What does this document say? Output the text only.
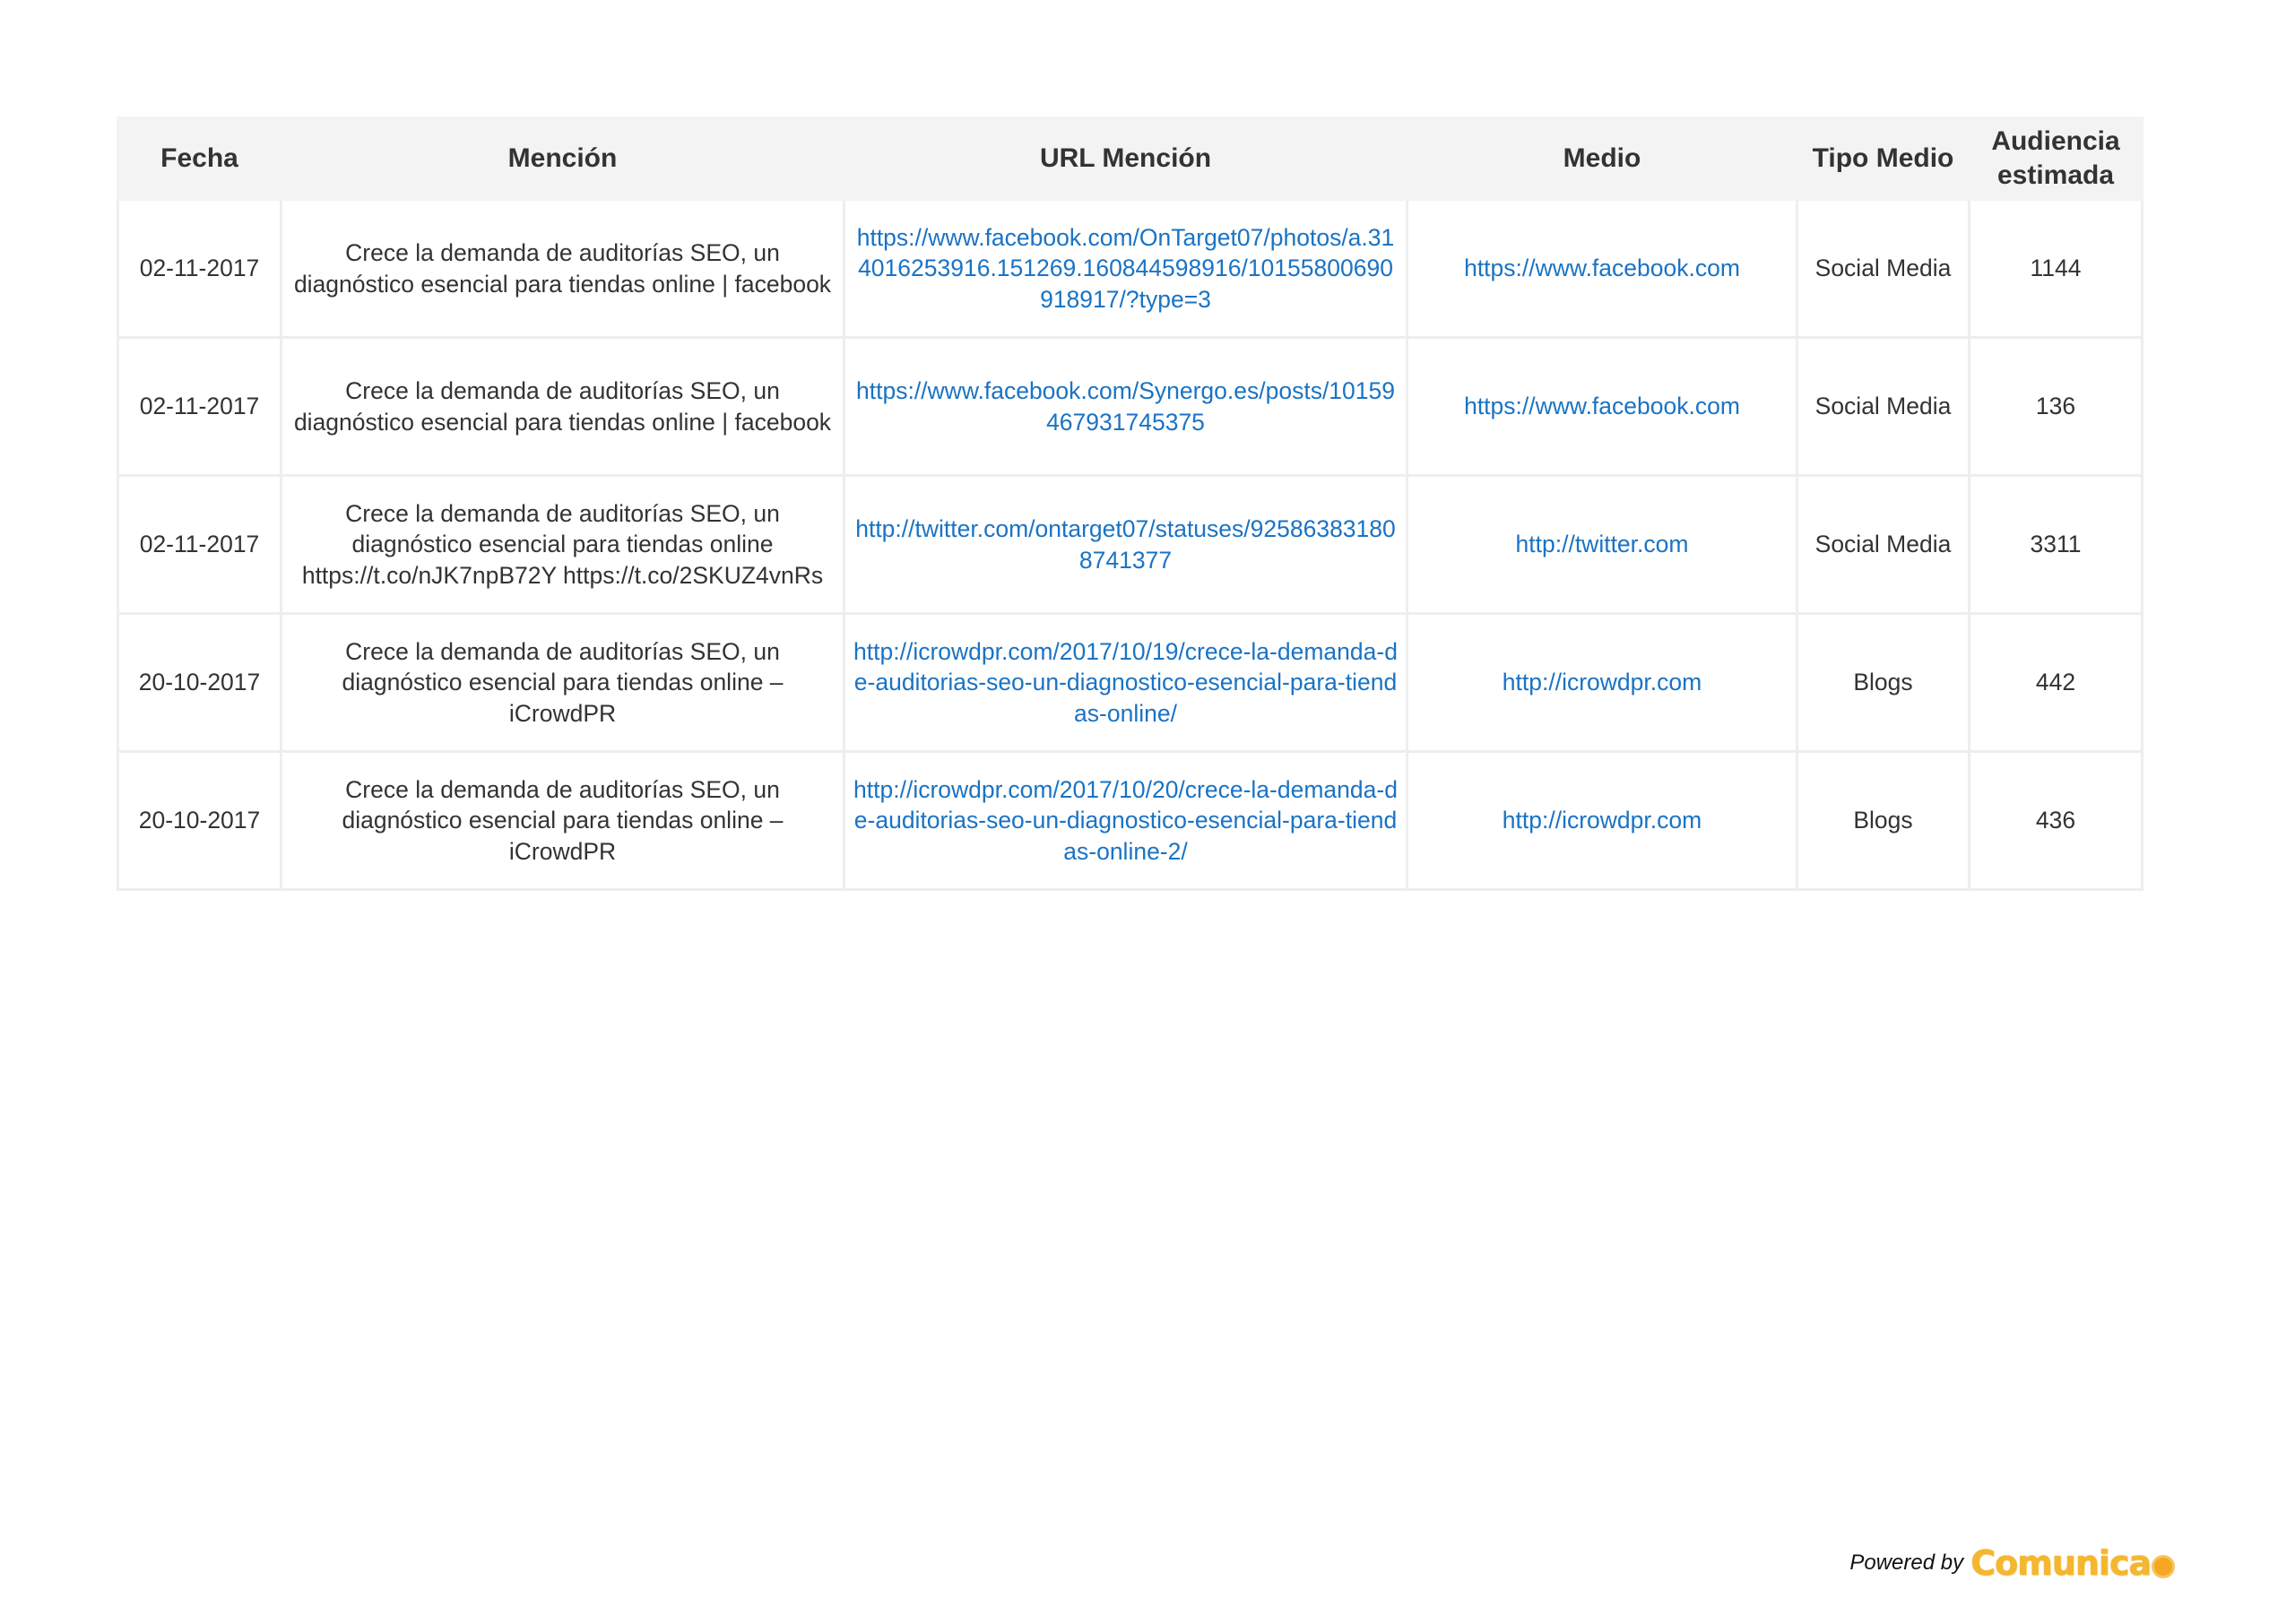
Fecha	Mención	URL Mención	Medio	Tipo Medio	Audiencia estimada
02-11-2017	Crece la demanda de auditorías SEO, un diagnóstico esencial para tiendas online | facebook	https://www.facebook.com/OnTarget07/photos/a.314016253916.151269.160844598916/10155800690918917/?type=3	https://www.facebook.com	Social Media	1144
02-11-2017	Crece la demanda de auditorías SEO, un diagnóstico esencial para tiendas online | facebook	https://www.facebook.com/Synergo.es/posts/10159467931745375	https://www.facebook.com	Social Media	136
02-11-2017	Crece la demanda de auditorías SEO, un diagnóstico esencial para tiendas online https://t.co/nJK7npB72Y https://t.co/2SKUZ4vnRs	http://twitter.com/ontarget07/statuses/925863831808741377	http://twitter.com	Social Media	3311
20-10-2017	Crece la demanda de auditorías SEO, un diagnóstico esencial para tiendas online – iCrowdPR	http://icrowdpr.com/2017/10/19/crece-la-demanda-de-auditorias-seo-un-diagnostico-esencial-para-tiendas-online/	http://icrowdpr.com	Blogs	442
20-10-2017	Crece la demanda de auditorías SEO, un diagnóstico esencial para tiendas online – iCrowdPR	http://icrowdpr.com/2017/10/20/crece-la-demanda-de-auditorias-seo-un-diagnostico-esencial-para-tiendas-online-2/	http://icrowdpr.com	Blogs	436
Powered by Comunica
